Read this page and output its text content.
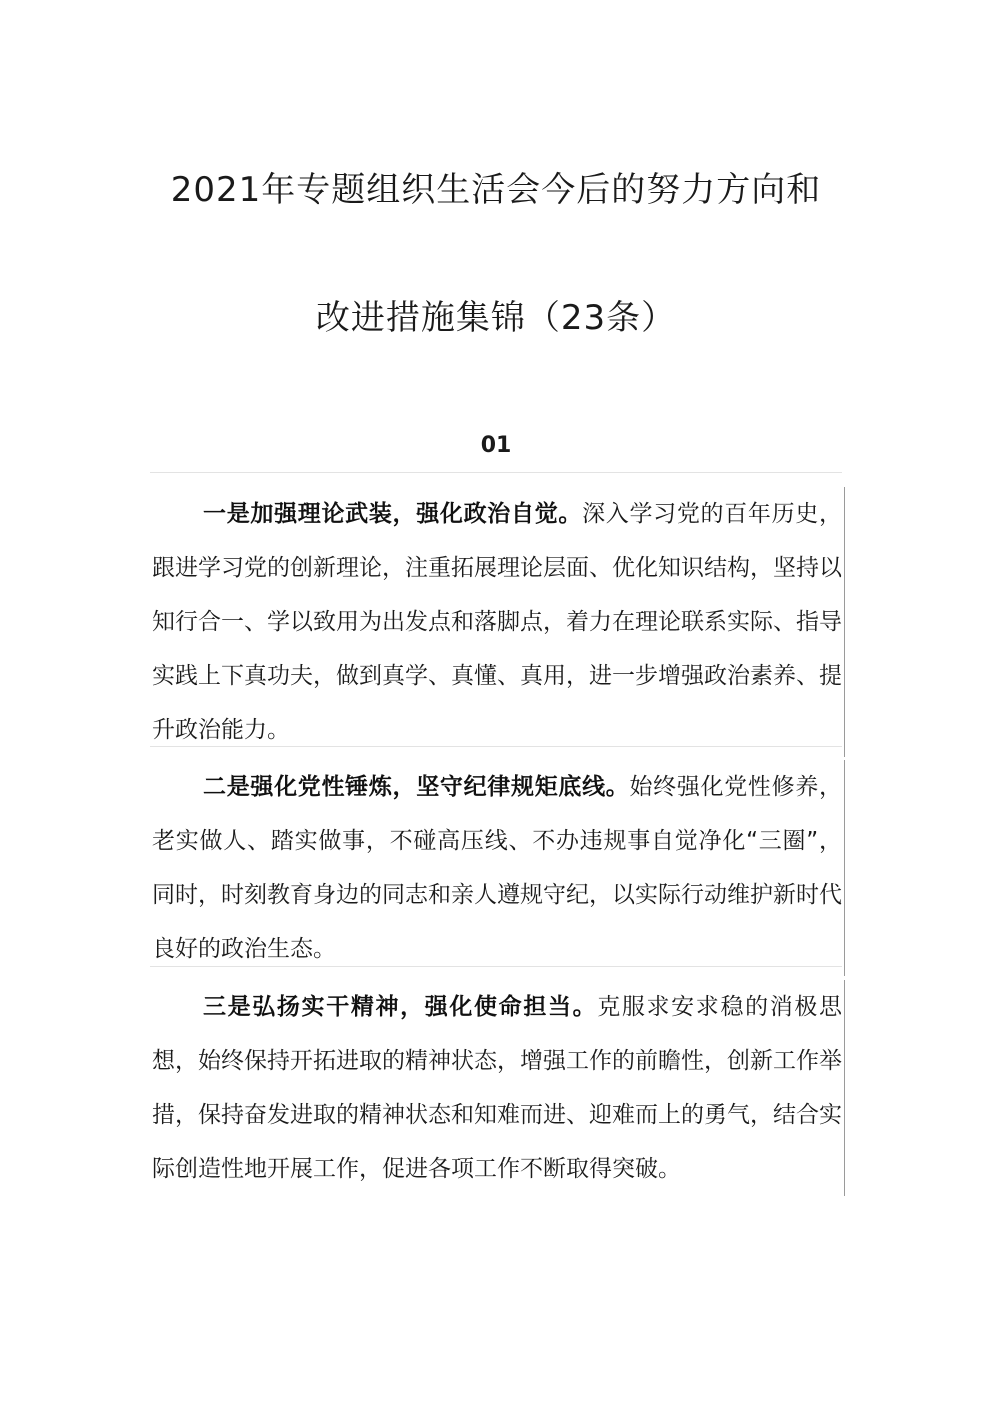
2021年专题组织生活会今后的努力方向和
改进措施集锦（23条）
01

一是加强理论武装，强化政治自觉。深入学习党的百年历史，跟进学习党的创新理论，注重拓展理论层面、优化知识结构，坚持以知行合一、学以致用为出发点和落脚点，着力在理论联系实际、指导实践上下真功夫，做到真学、真懂、真用，进一步增强政治素养、提升政治能力。

二是强化党性锤炼，坚守纪律规矩底线。始终强化党性修养，老实做人、踏实做事，不碰高压线、不办违规事自觉净化“三圈”，同时，时刻教育身边的同志和亲人遵规守纪，以实际行动维护新时代良好的政治生态。

三是弘扬实干精神，强化使命担当。克服求安求稳的消极思想，始终保持开拓进取的精神状态，增强工作的前瞻性，创新工作举措，保持奋发进取的精神状态和知难而进、迎难而上的勇气，结合实际创造性地开展工作，促进各项工作不断取得突破。
